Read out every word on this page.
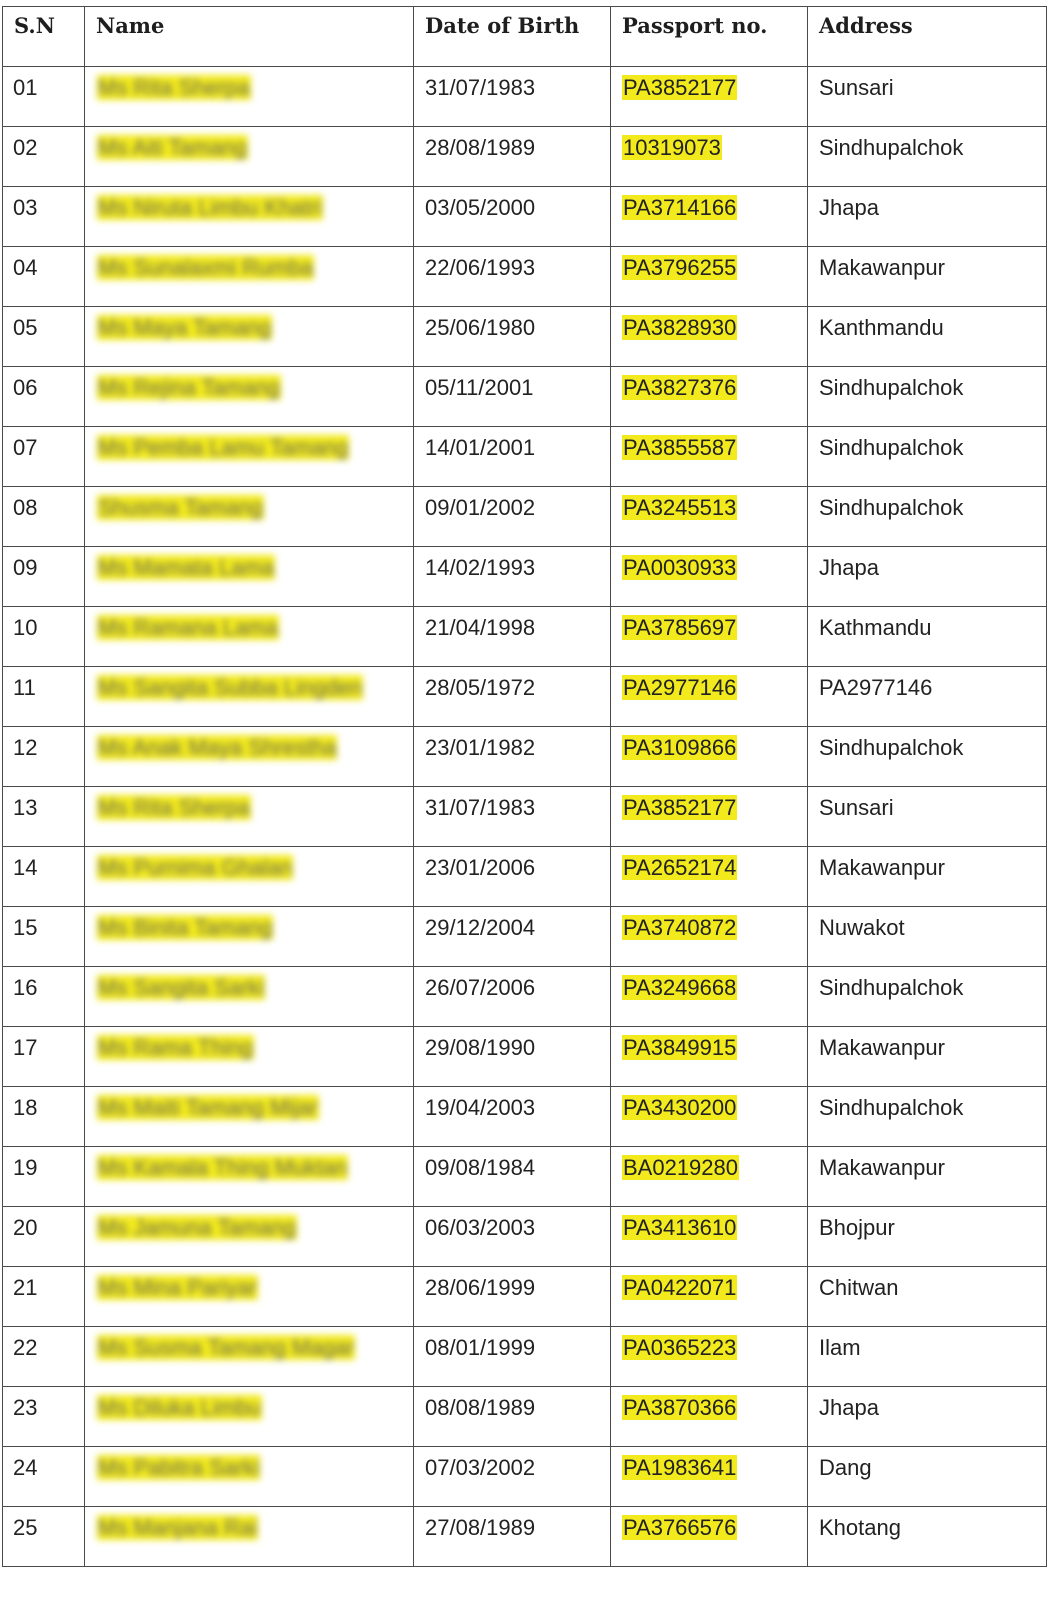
S.N	Name	Date of Birth	Passport no.	Address
01	Ms Rita Sherpa	31/07/1983	PA3852177	Sunsari
02	Ms Aiti Tamang	28/08/1989	10319073	Sindhupalchok
03	Ms Niruta Limbu Khatri	03/05/2000	PA3714166	Jhapa
04	Ms Sunalaxmi Rumba	22/06/1993	PA3796255	Makawanpur
05	Ms Maya Tamang	25/06/1980	PA3828930	Kanthmandu
06	Ms Rejina Tamang	05/11/2001	PA3827376	Sindhupalchok
07	Ms Pemba Lamu Tamang	14/01/2001	PA3855587	Sindhupalchok
08	Shusma Tamang	09/01/2002	PA3245513	Sindhupalchok
09	Ms Mamata Lama	14/02/1993	PA0030933	Jhapa
10	Ms Ramana Lama	21/04/1998	PA3785697	Kathmandu
11	Ms Sangita Subba Lingden	28/05/1972	PA2977146	PA2977146
12	Ms Anak Maya Shrestha	23/01/1982	PA3109866	Sindhupalchok
13	Ms Rita Sherpa	31/07/1983	PA3852177	Sunsari
14	Ms Purnima Ghalan	23/01/2006	PA2652174	Makawanpur
15	Ms Binita Tamang	29/12/2004	PA3740872	Nuwakot
16	Ms Sangita Sarki	26/07/2006	PA3249668	Sindhupalchok
17	Ms Rama Thing	29/08/1990	PA3849915	Makawanpur
18	Ms Maiti Tamang Mijar	19/04/2003	PA3430200	Sindhupalchok
19	Ms Kamala Thing Muktan	09/08/1984	BA0219280	Makawanpur
20	Ms Jamuna Tamang	06/03/2003	PA3413610	Bhojpur
21	Ms Mina Pariyar	28/06/1999	PA0422071	Chitwan
22	Ms Susma Tamang Magar	08/01/1999	PA0365223	Ilam
23	Ms Diluka Limbu	08/08/1989	PA3870366	Jhapa
24	Ms Pabitra Sarki	07/03/2002	PA1983641	Dang
25	Ms Manjana Rai	27/08/1989	PA3766576	Khotang
